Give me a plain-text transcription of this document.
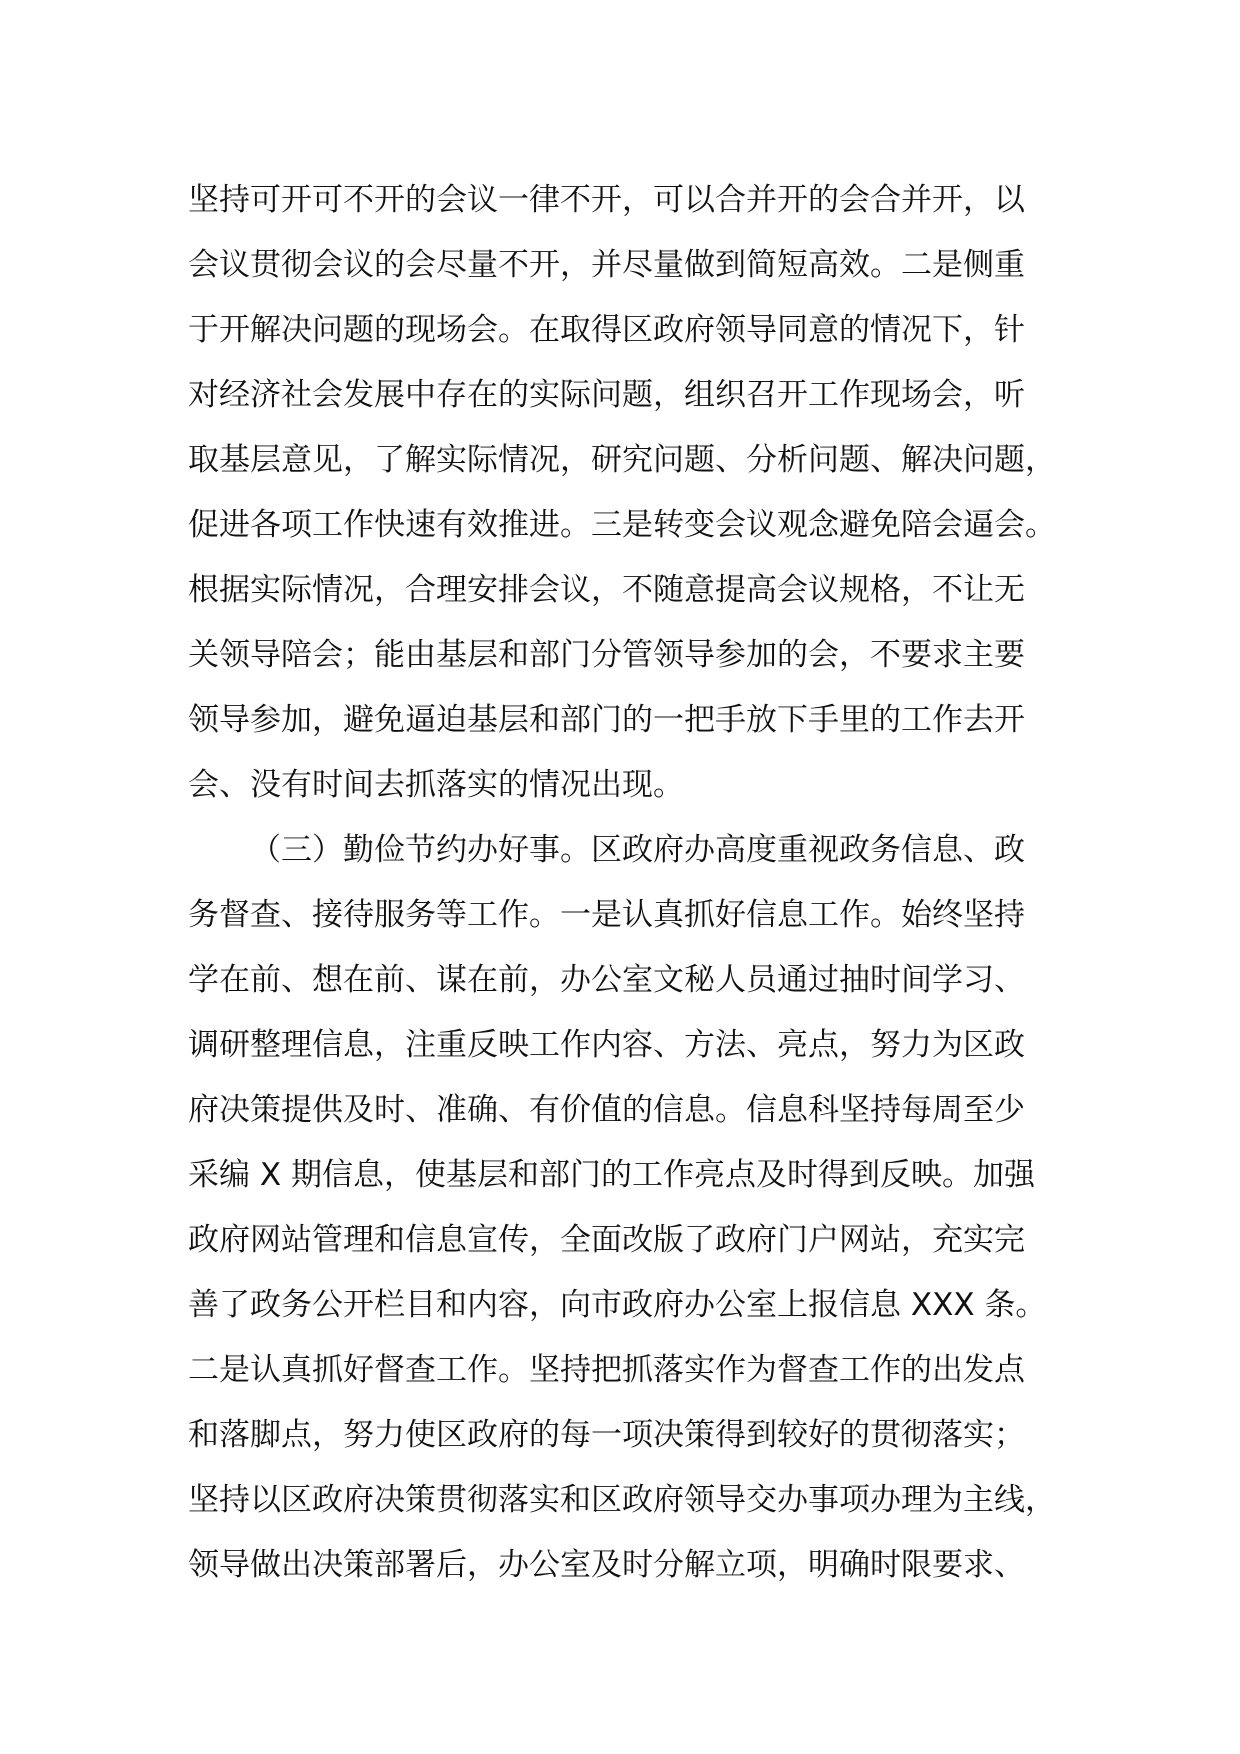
坚持可开可不开的会议一律不开，可以合并开的会合并开，以
会议贯彻会议的会尽量不开，并尽量做到简短高效。二是侧重
于开解决问题的现场会。在取得区政府领导同意的情况下，针
对经济社会发展中存在的实际问题，组织召开工作现场会，听
取基层意见，了解实际情况，研究问题、分析问题、解决问题，
促进各项工作快速有效推进。三是转变会议观念避免陪会逼会。
根据实际情况，合理安排会议，不随意提高会议规格，不让无
关领导陪会；能由基层和部门分管领导参加的会，不要求主要
领导参加，避免逼迫基层和部门的一把手放下手里的工作去开
会、没有时间去抓落实的情况出现。
（三）勤俭节约办好事。区政府办高度重视政务信息、政
务督查、接待服务等工作。一是认真抓好信息工作。始终坚持
学在前、想在前、谋在前，办公室文秘人员通过抽时间学习、
调研整理信息，注重反映工作内容、方法、亮点，努力为区政
府决策提供及时、准确、有价值的信息。信息科坚持每周至少
采编 X 期信息，使基层和部门的工作亮点及时得到反映。加强
政府网站管理和信息宣传，全面改版了政府门户网站，充实完
善了政务公开栏目和内容，向市政府办公室上报信息 XXX 条。
二是认真抓好督查工作。坚持把抓落实作为督查工作的出发点
和落脚点，努力使区政府的每一项决策得到较好的贯彻落实；
坚持以区政府决策贯彻落实和区政府领导交办事项办理为主线，
领导做出决策部署后，办公室及时分解立项，明确时限要求、
